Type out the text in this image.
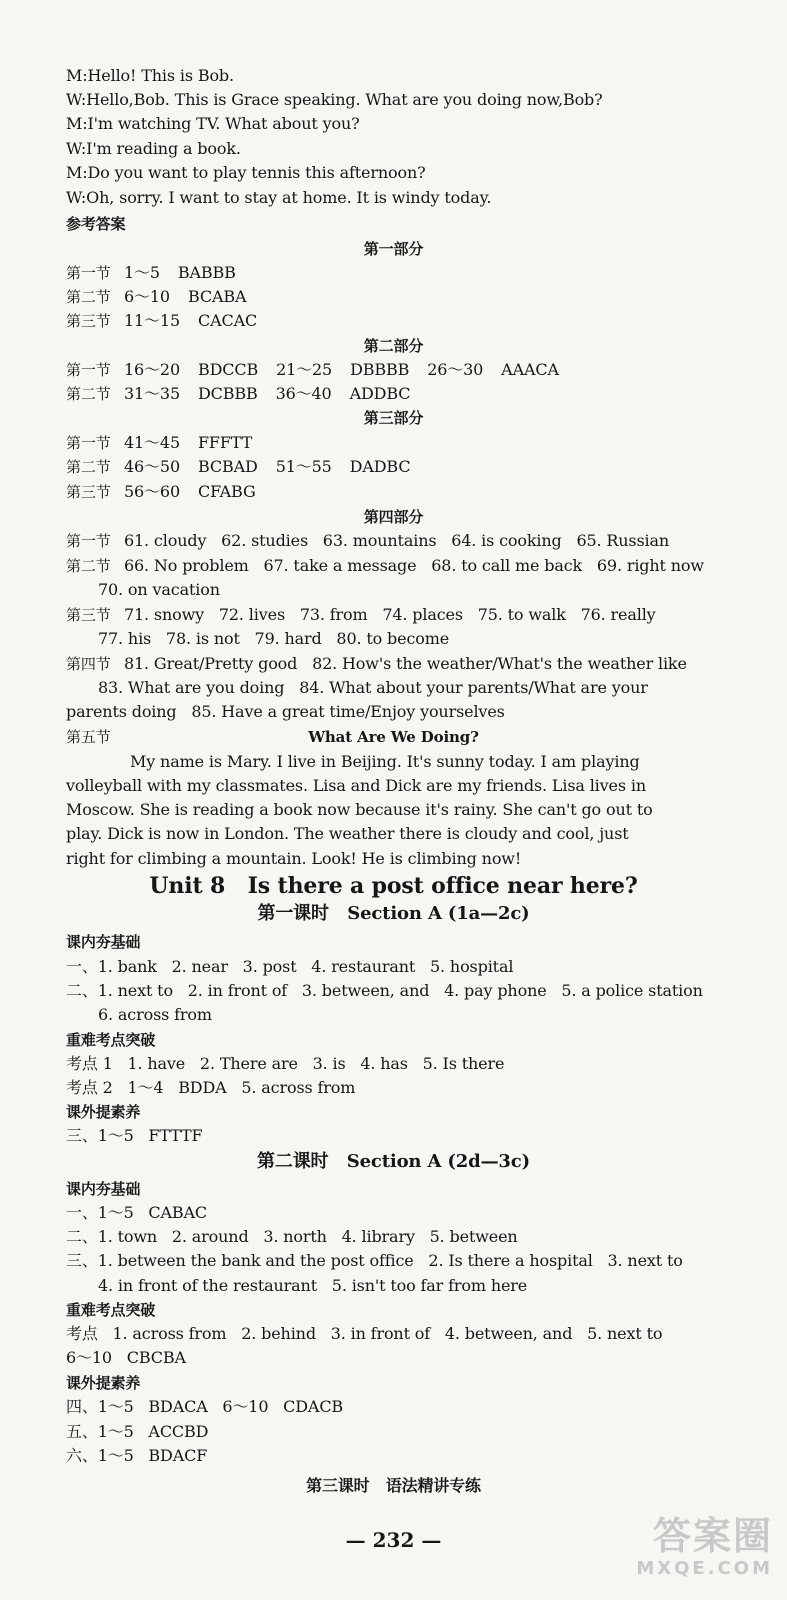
M:Hello! This is Bob.
W:Hello,Bob. This is Grace speaking. What are you doing now,Bob?
M:I'm watching TV. What about you?
W:I'm reading a book.
M:Do you want to play tennis this afternoon?
W:Oh, sorry. I want to stay at home. It is windy today.
参考答案
第一部分
第一节 1～5 BABBB
第二节 6～10 BCABA
第三节 11～15 CACAC
第二部分
第一节 16～20 BDCCB 21～25 DBBBB 26～30 AAACA
第二节 31～35 DCBBB 36～40 ADDBC
第三部分
第一节 41～45 FFFTT
第二节 46～50 BCBAD 51～55 DADBC
第三节 56～60 CFABG
第四部分
第一节 61. cloudy   62. studies   63. mountains   64. is cooking   65. Russian
第二节 66. No problem   67. take a message   68. to call me back   69. right now
70. on vacation
第三节 71. snowy   72. lives   73. from   74. places   75. to walk   76. really
77. his   78. is not   79. hard   80. to become
第四节 81. Great/Pretty good   82. How's the weather/What's the weather like
83. What are you doing   84. What about your parents/What are your
parents doing   85. Have a great time/Enjoy yourselves
第五节	What Are We Doing?
My name is Mary. I live in Beijing. It's sunny today. I am playing
volleyball with my classmates. Lisa and Dick are my friends. Lisa lives in
Moscow. She is reading a book now because it's rainy. She can't go out to
play. Dick is now in London. The weather there is cloudy and cool, just
right for climbing a mountain. Look! He is climbing now!
Unit 8   Is there a post office near here?
第一课时   Section A (1a—2c)
课内夯基础
一、1. bank   2. near   3. post   4. restaurant   5. hospital
二、1. next to   2. in front of   3. between, and   4. pay phone   5. a police station
6. across from
重难考点突破
考点 1   1. have   2. There are   3. is   4. has   5. Is there
考点 2   1～4   BDDA   5. across from
课外提素养
三、1～5   FTTTF
第二课时   Section A (2d—3c)
课内夯基础
一、1～5   CABAC
二、1. town   2. around   3. north   4. library   5. between
三、1. between the bank and the post office   2. Is there a hospital   3. next to
4. in front of the restaurant   5. isn't too far from here
重难考点突破
考点   1. across from   2. behind   3. in front of   4. between, and   5. next to
6～10   CBCBA
课外提素养
四、1～5   BDACA   6～10   CDACB
五、1～5   ACCBD
六、1～5   BDACF
第三课时   语法精讲专练
— 232 —	答案圈
MXQE.COM
